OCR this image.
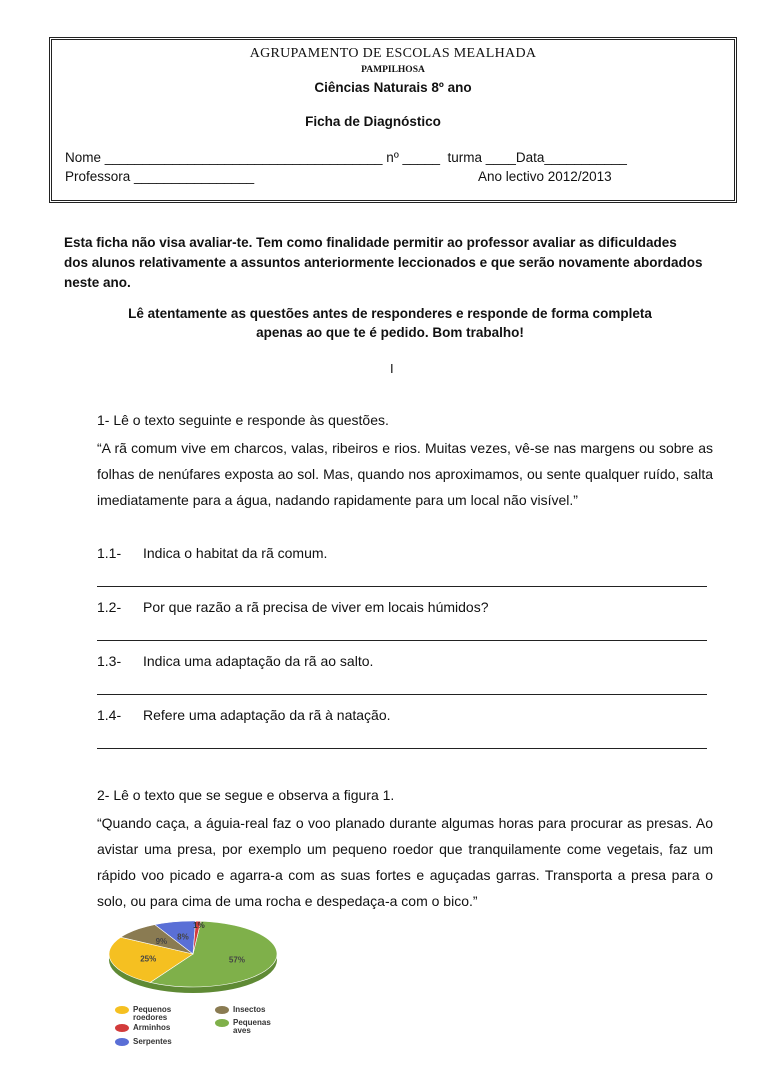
AGRUPAMENTO DE ESCOLAS MEALHADA
PAMPILHOSA
Ciências Naturais 8º ano
Ficha de Diagnóstico
Nome _____________________________________ nº _____  turma ____Data___________
Professora ________________	Ano lectivo 2012/2013
Esta ficha não visa avaliar-te. Tem como finalidade permitir ao professor avaliar as dificuldades dos alunos relativamente a assuntos anteriormente leccionados e que serão novamente abordados neste ano.
Lê atentamente as questões antes de responderes e responde de forma completa
apenas ao que te é pedido. Bom trabalho!
I
1- Lê o texto seguinte e responde às questões.

“A rã comum vive em charcos, valas, ribeiros e rios. Muitas vezes, vê-se nas margens ou sobre as folhas de nenúfares exposta ao sol. Mas, quando nos aproximamos, ou sente qualquer ruído, salta imediatamente para a água, nadando rapidamente para um local não visível.”

1.1- Indica o habitat da rã comum.
1.2- Por que razão a rã precisa de viver em locais húmidos?
1.3- Indica uma adaptação da rã ao salto.
1.4- Refere uma adaptação da rã à natação.
2- Lê o texto que se segue e observa a figura 1.

“Quando caça, a águia-real faz o voo planado durante algumas horas para procurar as presas. Ao avistar uma presa, por exemplo um pequeno roedor que tranquilamente come vegetais, faz um rápido voo picado e agarra-a com as suas fortes e aguçadas garras. Transporta a presa para o solo, ou para cima de uma rocha e despedaça-a com o bico.”

57%
25%
9% 8%
1%
Pequenos
roedores
Insectos
Arminhos
Pequenas
aves
Serpentes
